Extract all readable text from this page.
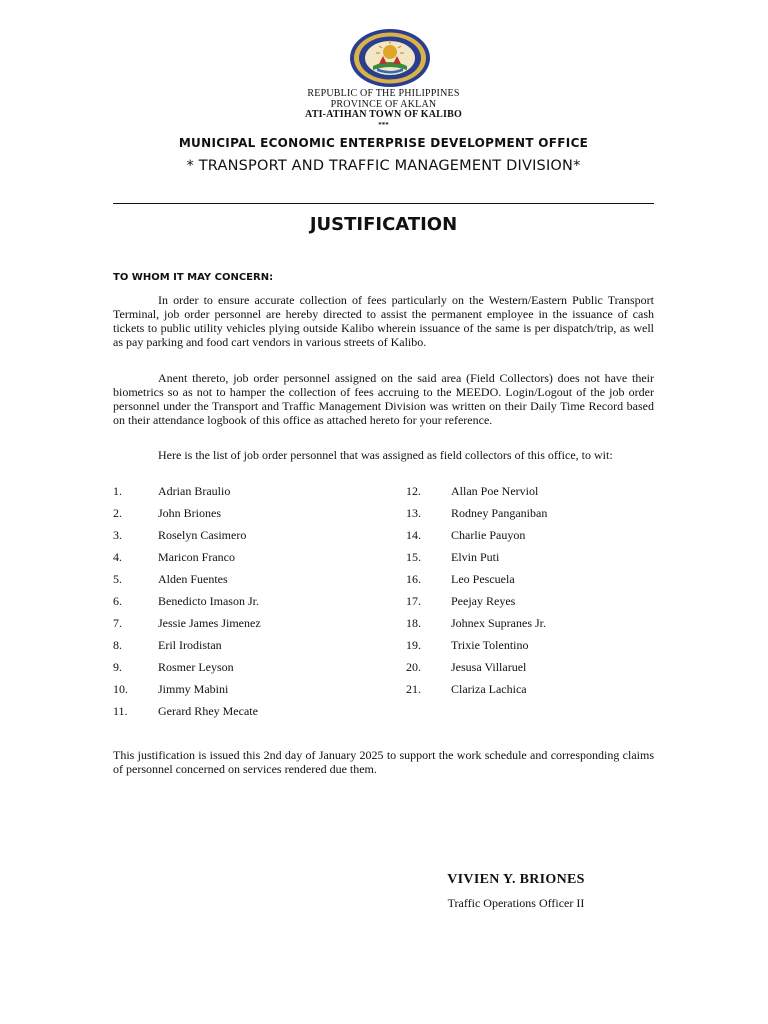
REPUBLIC OF THE PHILIPPINES
PROVINCE OF AKLAN
ATI-ATIHAN TOWN OF KALIBO
***
MUNICIPAL ECONOMIC ENTERPRISE DEVELOPMENT OFFICE
* TRANSPORT AND TRAFFIC MANAGEMENT DIVISION*
JUSTIFICATION
TO WHOM IT MAY CONCERN:

In order to ensure accurate collection of fees particularly on the Western/Eastern Public Transport Terminal, job order personnel are hereby directed to assist the permanent employee in the issuance of cash tickets to public utility vehicles plying outside Kalibo wherein issuance of the same is per dispatch/trip, as well as pay parking and food cart vendors in various streets of Kalibo.

Anent thereto, job order personnel assigned on the said area (Field Collectors) does not have their biometrics so as not to hamper the collection of fees accruing to the MEEDO. Login/Logout of the job order personnel under the Transport and Traffic Management Division was written on their Daily Time Record based on their attendance logbook of this office as attached hereto for your reference.

Here is the list of job order personnel that was assigned as field collectors of this office, to wit:

1.	Adrian Braulio
2.	John Briones
3.	Roselyn Casimero
4.	Maricon Franco
5.	Alden Fuentes
6.	Benedicto Imason Jr.
7.	Jessie James Jimenez
8.	Eril Irodistan
9.	Rosmer Leyson
10.	Jimmy Mabini
11.	Gerard Rhey Mecate
12.	Allan Poe Nerviol
13.	Rodney Panganiban
14.	Charlie Pauyon
15.	Elvin Puti
16.	Leo Pescuela
17.	Peejay Reyes
18.	Johnex Supranes Jr.
19.	Trixie Tolentino
20.	Jesusa Villaruel
21.	Clariza Lachica

This justification is issued this 2nd day of January 2025 to support the work schedule and corresponding claims of personnel concerned on services rendered due them.

VIVIEN Y. BRIONES
Traffic Operations Officer II
